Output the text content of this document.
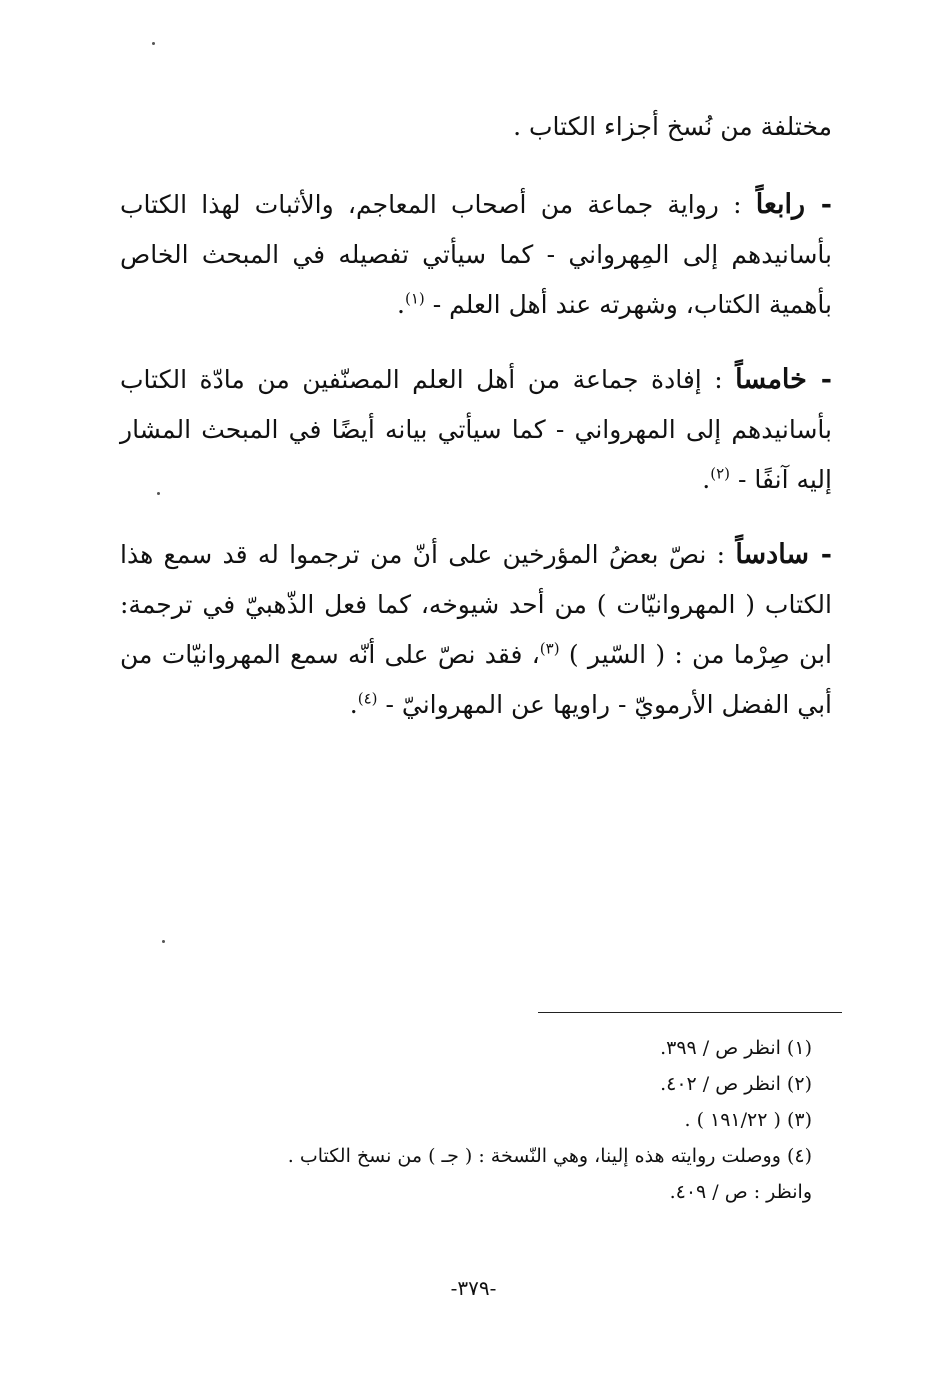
مختلفة من نُسخ أجزاء الكتاب .
- رابعاً : رواية جماعة من أصحاب المعاجم، والأثبات لهذا الكتاب بأسانيدهم إلى المِهرواني - كما سيأتي تفصيله في المبحث الخاص بأهمية الكتاب، وشهرته عند أهل العلم - $^{(١)}$.
- خامساً : إفادة جماعة من أهل العلم المصنّفين من مادّة الكتاب بأسانيدهم إلى المهرواني - كما سيأتي بيانه أيضًا في المبحث المشار إليه آنفًا - $^{(٢)}$.
- سادساً : نصّ بعضُ المؤرخين على أنّ من ترجموا له قد سمع هذا الكتاب ( المهروانيّات ) من أحد شيوخه، كما فعل الذّهبيّ في ترجمة: ابن صِرْما من : ( السّير ) $^{(٣)}$، فقد نصّ على أنّه سمع المهروانيّات من أبي الفضل الأرمويّ - راويها عن المهروانيّ - $^{(٤)}$.
(١) انظر ص / ٣٩٩.
(٢) انظر ص / ٤٠٢.
(٣) ( ١٩١/٢٢ ) .
(٤) ووصلت روايته هذه إلينا، وهي النّسخة : ( جـ ) من نسخ الكتاب .
وانظر : ص / ٤٠٩.
-٣٧٩-
